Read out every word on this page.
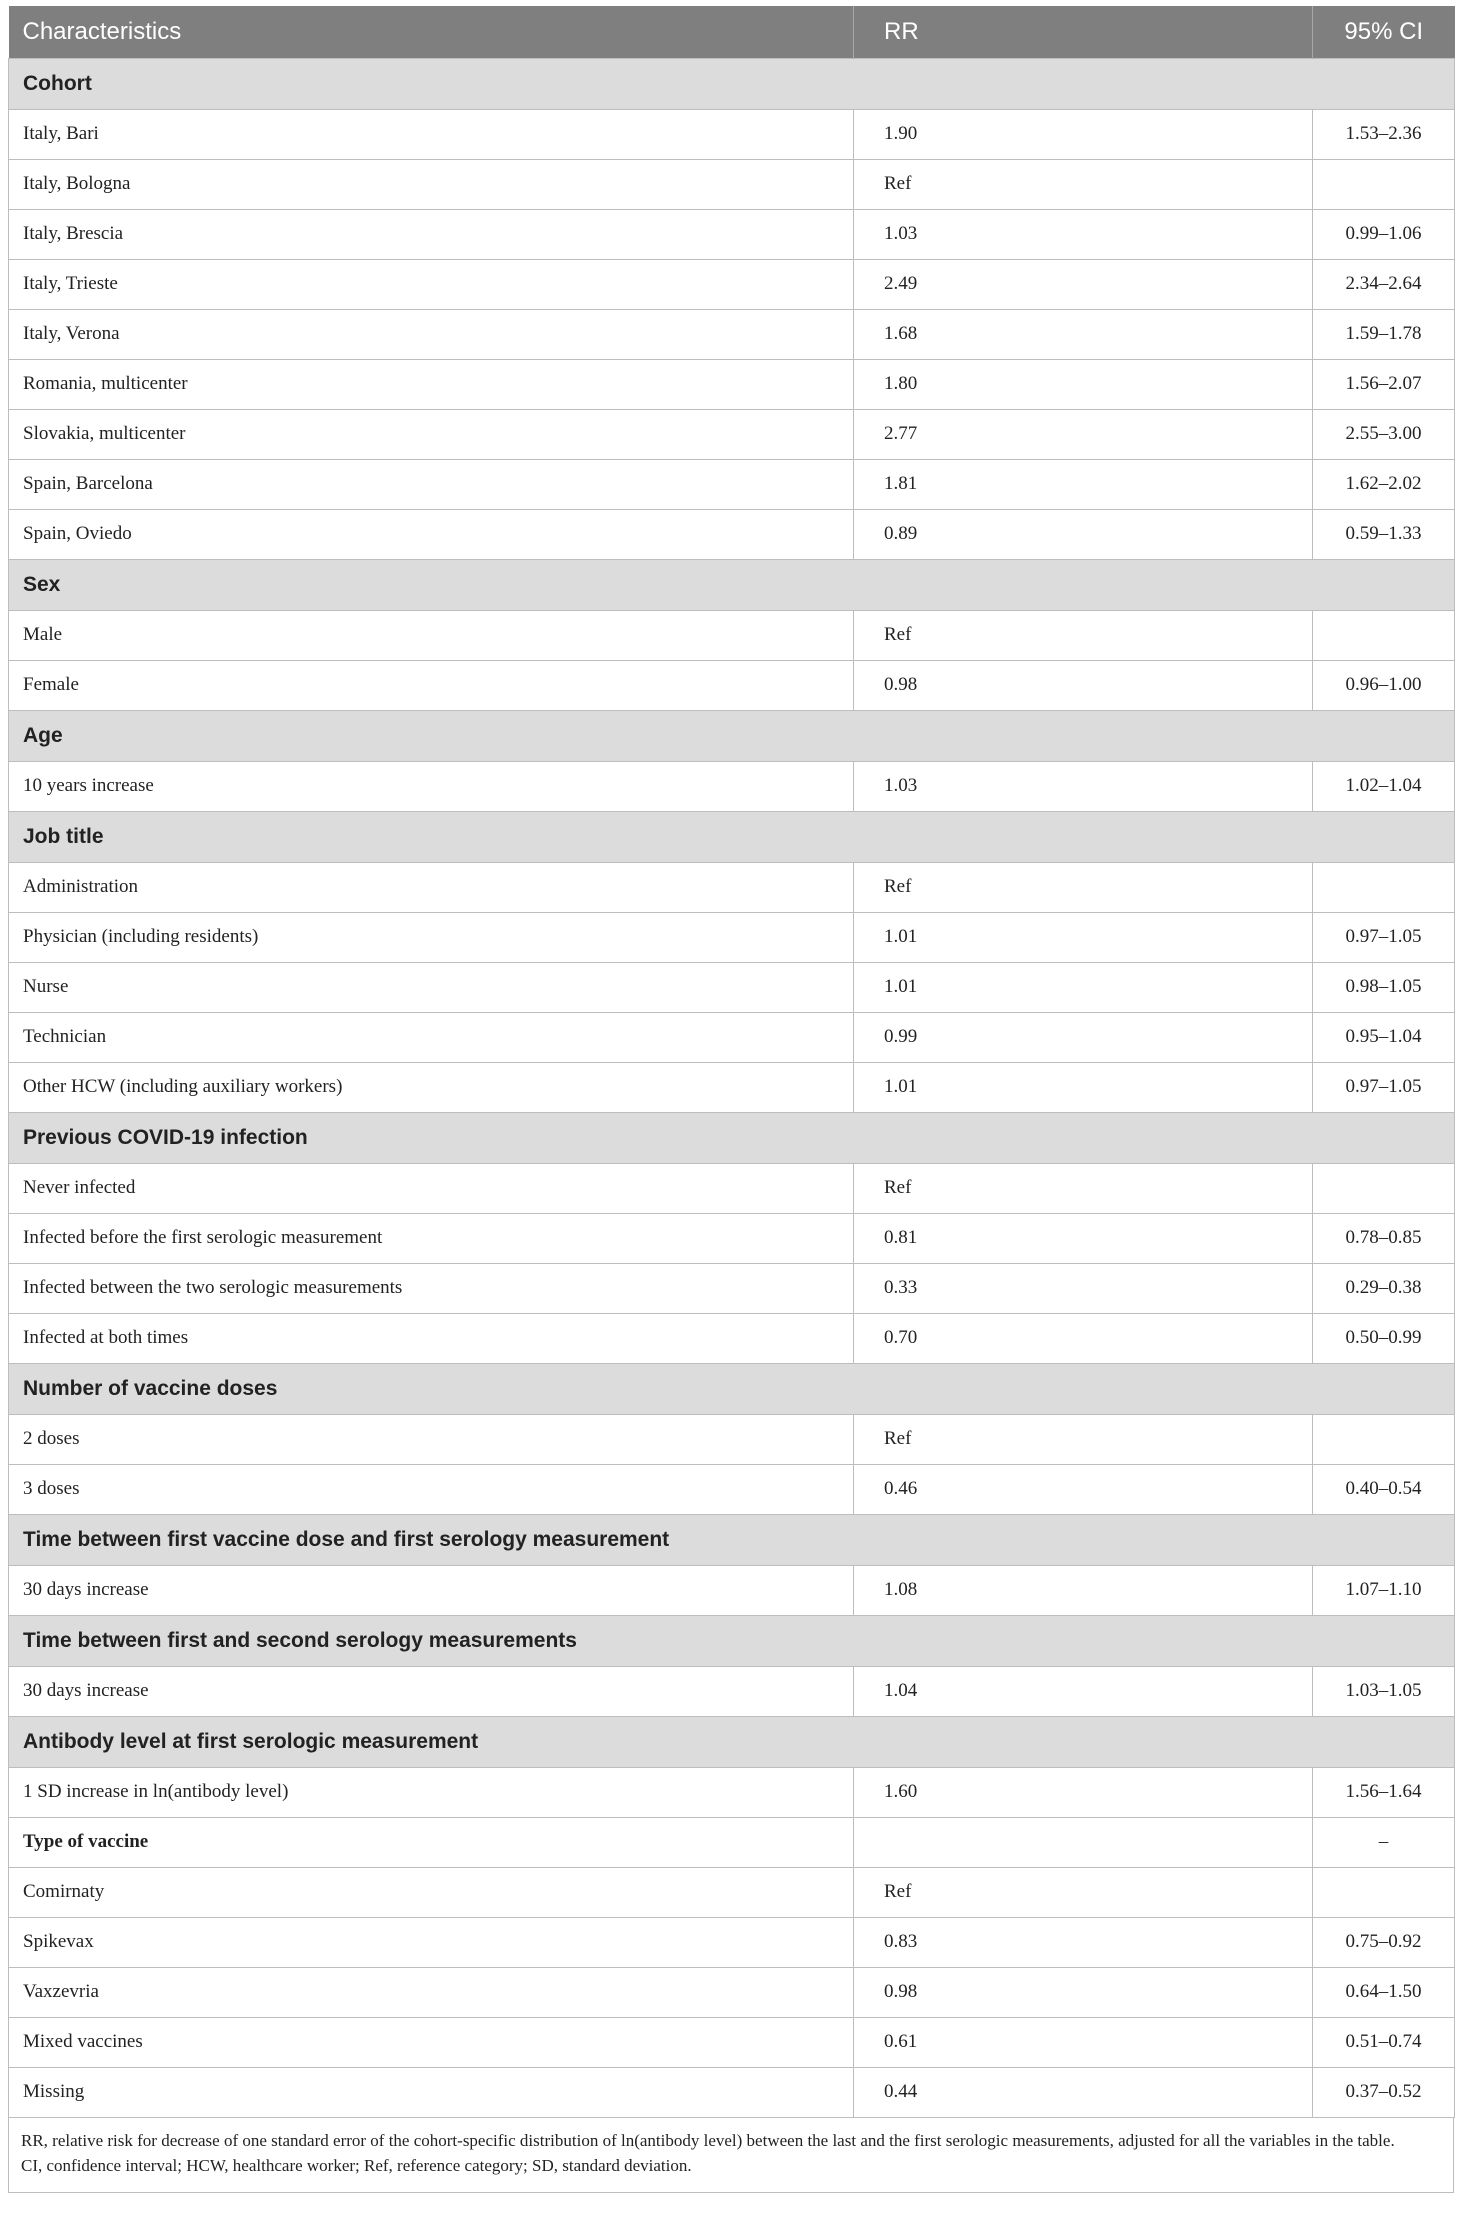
Characteristics	RR	95% CI
Cohort		
Italy, Bari	1.90	1.53–2.36
Italy, Bologna	Ref	
Italy, Brescia	1.03	0.99–1.06
Italy, Trieste	2.49	2.34–2.64
Italy, Verona	1.68	1.59–1.78
Romania, multicenter	1.80	1.56–2.07
Slovakia, multicenter	2.77	2.55–3.00
Spain, Barcelona	1.81	1.62–2.02
Spain, Oviedo	0.89	0.59–1.33
Sex		
Male	Ref	
Female	0.98	0.96–1.00
Age		
10 years increase	1.03	1.02–1.04
Job title		
Administration	Ref	
Physician (including residents)	1.01	0.97–1.05
Nurse	1.01	0.98–1.05
Technician	0.99	0.95–1.04
Other HCW (including auxiliary workers)	1.01	0.97–1.05
Previous COVID-19 infection		
Never infected	Ref	
Infected before the first serologic measurement	0.81	0.78–0.85
Infected between the two serologic measurements	0.33	0.29–0.38
Infected at both times	0.70	0.50–0.99
Number of vaccine doses		
2 doses	Ref	
3 doses	0.46	0.40–0.54
Time between first vaccine dose and first serology measurement		
30 days increase	1.08	1.07–1.10
Time between first and second serology measurements		
30 days increase	1.04	1.03–1.05
Antibody level at first serologic measurement		
1 SD increase in ln(antibody level)	1.60	1.56–1.64
Type of vaccine		–
Comirnaty	Ref	
Spikevax	0.83	0.75–0.92
Vaxzevria	0.98	0.64–1.50
Mixed vaccines	0.61	0.51–0.74
Missing	0.44	0.37–0.52
RR, relative risk for decrease of one standard error of the cohort-specific distribution of ln(antibody level) between the last and the first serologic measurements, adjusted for all the variables in the table.
CI, confidence interval; HCW, healthcare worker; Ref, reference category; SD, standard deviation.
